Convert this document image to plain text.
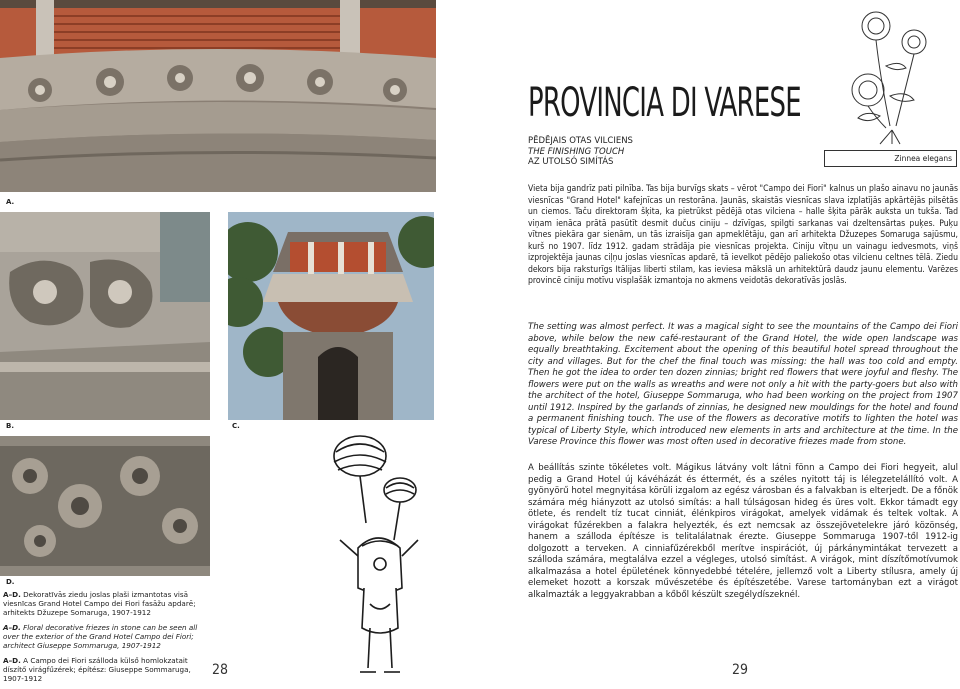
A.
B.	C.
D.
PROVINCIA DI VARESE
PĒDĒJAIS OTAS VILCIENS
THE FINISHING TOUCH
AZ UTOLSÓ SIMÍTÁS	Zinnea elegans
Vieta bija gandrīz pati pilnība. Tas bija burvīgs skats – vērot "Campo dei Fiori" kalnus un plašo ainavu no jaunās viesnīcas "Grand Hotel" kafejnīcas un restorāna. Jaunās, skaistās viesnīcas slava izplatījās apkārtējās pilsētās un ciemos. Taču direktoram šķita, ka pietrūkst pēdējā otas vilciena – halle šķita pārāk auksta un tukša. Tad viņam ienāca prātā pasūtīt desmit dučus ciniju – dzīvīgas, spilgti sarkanas vai dzeltensārtas puķes. Puķu vītnes piekāra gar sienām, un tās izraisīja gan apmeklētāju, gan arī arhitekta Džuzepes Somaruga sajūsmu, kurš no 1907. līdz 1912. gadam strādāja pie viesnīcas projekta. Ciniju vītņu un vainagu iedvesmots, viņš izprojektēja jaunas ciļņu joslas viesnīcas apdarē, tā ievelkot pēdējo paliekošo otas vilcienu celtnes tēlā. Ziedu dekors bija raksturīgs Itālijas liberti stilam, kas ieviesa mākslā un arhitektūrā daudz jaunu elementu. Varēzes provincē ciniju motīvu visplašāk izmantoja no akmens veidotās dekoratīvās joslās.
The setting was almost perfect. It was a magical sight to see the mountains of the Campo dei Fiori above, while below the new café-restaurant of the Grand Hotel, the wide open landscape was equally breathtaking. Excitement about the opening of this beautiful hotel spread throughout the city and villages. But for the chef the final touch was missing: the hall was too cold and empty. Then he got the idea to order ten dozen zinnias; bright red flowers that were joyful and fleshy. The flowers were put on the walls as wreaths and were not only a hit with the party-goers but also with the architect of the hotel, Giuseppe Sommaruga, who had been working on the project from 1907 until 1912. Inspired by the garlands of zinnias, he designed new mouldings for the hotel and found a permanent finishing touch. The use of the flowers as decorative motifs to lighten the hotel was typical of Liberty Style, which introduced new elements in arts and architecture at the time. In the Varese Province this flower was most often used in decorative friezes made from stone.
A beállítás szinte tökéletes volt. Mágikus látvány volt látni fönn a Campo dei Fiori hegyeit, alul pedig a Grand Hotel új kávéházát és éttermét, és a széles nyitott táj is lélegzetelállító volt. A gyönyörű hotel megnyitása körüli izgalom az egész városban és a falvakban is elterjedt. De a főnök számára még hiányzott az utolsó simítás: a hall túlságosan hideg és üres volt. Ekkor támadt egy ötlete, és rendelt tíz tucat cinniát, élénkpiros virágokat, amelyek vidámak és teltek voltak. A virágokat fűzérekben a falakra helyezték, és ezt nemcsak az összejövetelekre járó közönség, hanem a szálloda építésze is telitalálatnak érezte. Giuseppe Sommaruga 1907-től 1912-ig dolgozott a terveken. A cinniafűzérekből merítve inspirációt, új párkánymintákat tervezett a szálloda számára, megtalálva ezzel a végleges, utolsó simítást. A virágok, mint díszítőmotívumok alkalmazása a hotel épületének könnyedebbé tételére, jellemző volt a Liberty stílusra, amely új elemeket hozott a korszak művészetébe és építészetébe. Varese tartományban ezt a virágot alkalmazták a leggyakrabban a kőből készült szegélydíszeknél.

A–D. Dekoratīvās ziedu joslas plaši izmantotas visā viesnīcas Grand Hotel Campo dei Fiori fasāžu apdarē; arhitekts Džuzepe Somaruga, 1907-1912

A–D. Floral decorative friezes in stone can be seen all over the exterior of the Grand Hotel Campo dei Fiori; architect Giuseppe Sommaruga, 1907-1912

A–D. A Campo dei Fiori szálloda külső homlokzatait díszítő virágfűzérek; építész: Giuseppe Sommaruga, 1907-1912

28	29
